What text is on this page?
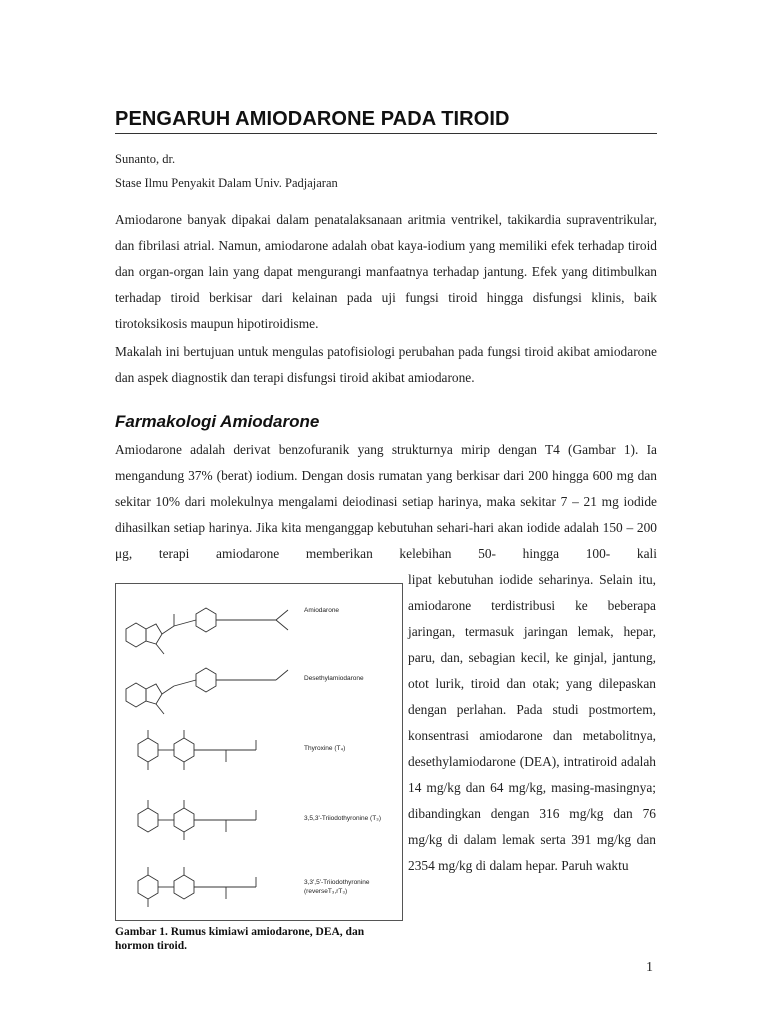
PENGARUH AMIODARONE PADA TIROID
Sunanto, dr.
Stase Ilmu Penyakit Dalam Univ. Padjajaran
Amiodarone banyak dipakai dalam penatalaksanaan aritmia ventrikel, takikardia supraventrikular, dan fibrilasi atrial. Namun, amiodarone adalah obat kaya-iodium yang memiliki efek terhadap tiroid dan organ-organ lain yang dapat mengurangi manfaatnya terhadap jantung. Efek yang ditimbulkan terhadap tiroid berkisar dari kelainan pada uji fungsi tiroid hingga disfungsi klinis, baik tirotoksikosis maupun hipotiroidisme.
Makalah ini bertujuan untuk mengulas patofisiologi perubahan pada fungsi tiroid akibat amiodarone dan aspek diagnostik dan terapi disfungsi tiroid akibat amiodarone.
Farmakologi Amiodarone
Amiodarone adalah derivat benzofuranik yang strukturnya mirip dengan T4 (Gambar 1). Ia mengandung 37% (berat) iodium. Dengan dosis rumatan yang berkisar dari 200 hingga 600 mg dan sekitar 10% dari molekulnya mengalami deiodinasi setiap harinya, maka sekitar 7 – 21 mg iodide dihasilkan setiap harinya. Jika kita menganggap kebutuhan sehari-hari akan iodide adalah 150 – 200 μg, terapi amiodarone memberikan kelebihan 50- hingga 100- kali
lipat kebutuhan iodide seharinya. Selain itu, amiodarone terdistribusi ke beberapa jaringan, termasuk jaringan lemak, hepar, paru, dan, sebagian kecil, ke ginjal, jantung, otot lurik, tiroid dan otak; yang dilepaskan dengan perlahan. Pada studi postmortem, konsentrasi amiodarone dan metabolitnya, desethylamiodarone (DEA), intratiroid adalah 14 mg/kg dan 64 mg/kg, masing-masingnya; dibandingkan dengan 316 mg/kg dan 76 mg/kg di dalam lemak serta 391 mg/kg dan 2354 mg/kg di dalam hepar. Paruh waktu
Amiodarone
Desethylamiodarone
Thyroxine (T₄)
3,5,3'-Triiodothyronine (T₃)
3,3',5'-Triiodothyronine
(reverseT₃,rT₃)
Gambar 1. Rumus kimiawi amiodarone, DEA, dan hormon tiroid.
1
